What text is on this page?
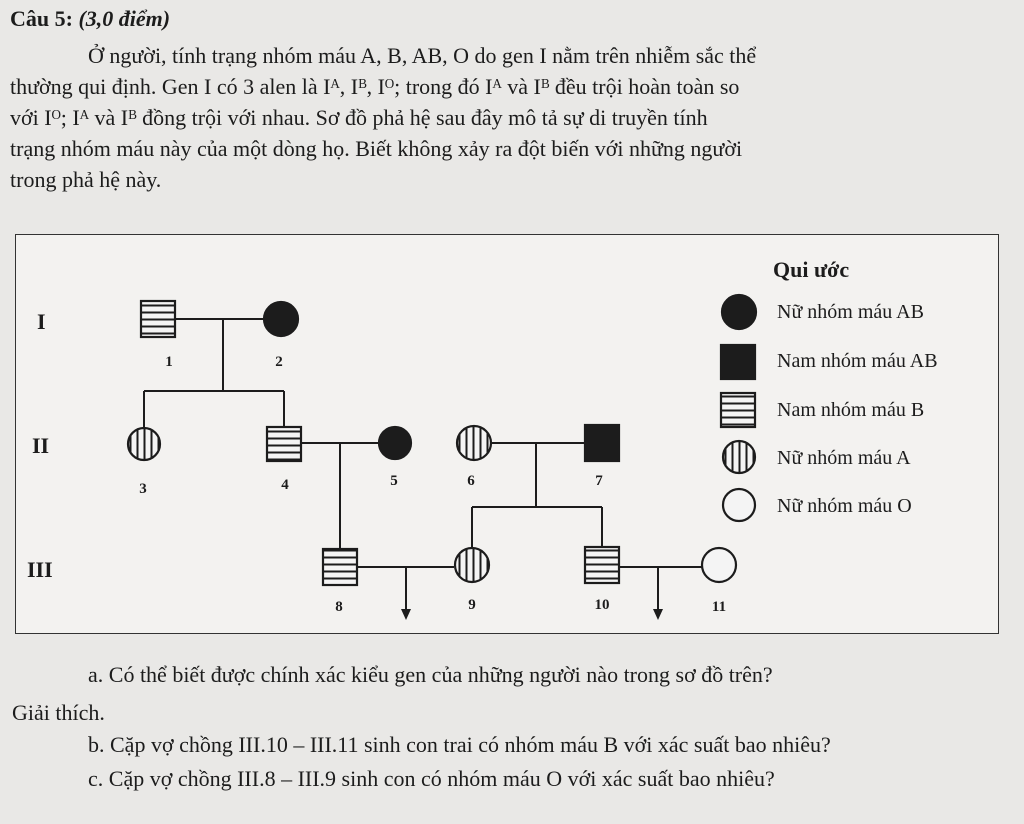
Câu 5: (3,0 điểm)
Ở người, tính trạng nhóm máu A, B, AB, O do gen I nằm trên nhiễm sắc thể
thường qui định. Gen I có 3 alen là Iᴬ, Iᴮ, Iᴼ; trong đó Iᴬ và Iᴮ đều trội hoàn toàn so
với Iᴼ; Iᴬ và Iᴮ đồng trội với nhau. Sơ đồ phả hệ sau đây mô tả sự di truyền tính
trạng nhóm máu này của một dòng họ. Biết không xảy ra đột biến với những người
trong phả hệ này.
I
II
III
1	2
3	4	5	6	7
8	9	10	11
Qui ước
Nữ nhóm máu AB
Nam nhóm máu AB
Nam nhóm máu B
Nữ nhóm máu A
Nữ nhóm máu O
a. Có thể biết được chính xác kiểu gen của những người nào trong sơ đồ trên?
Giải thích.
b. Cặp vợ chồng III.10 – III.11 sinh con trai có nhóm máu B với xác suất bao nhiêu?
c. Cặp vợ chồng III.8 – III.9 sinh con có nhóm máu O với xác suất bao nhiêu?
